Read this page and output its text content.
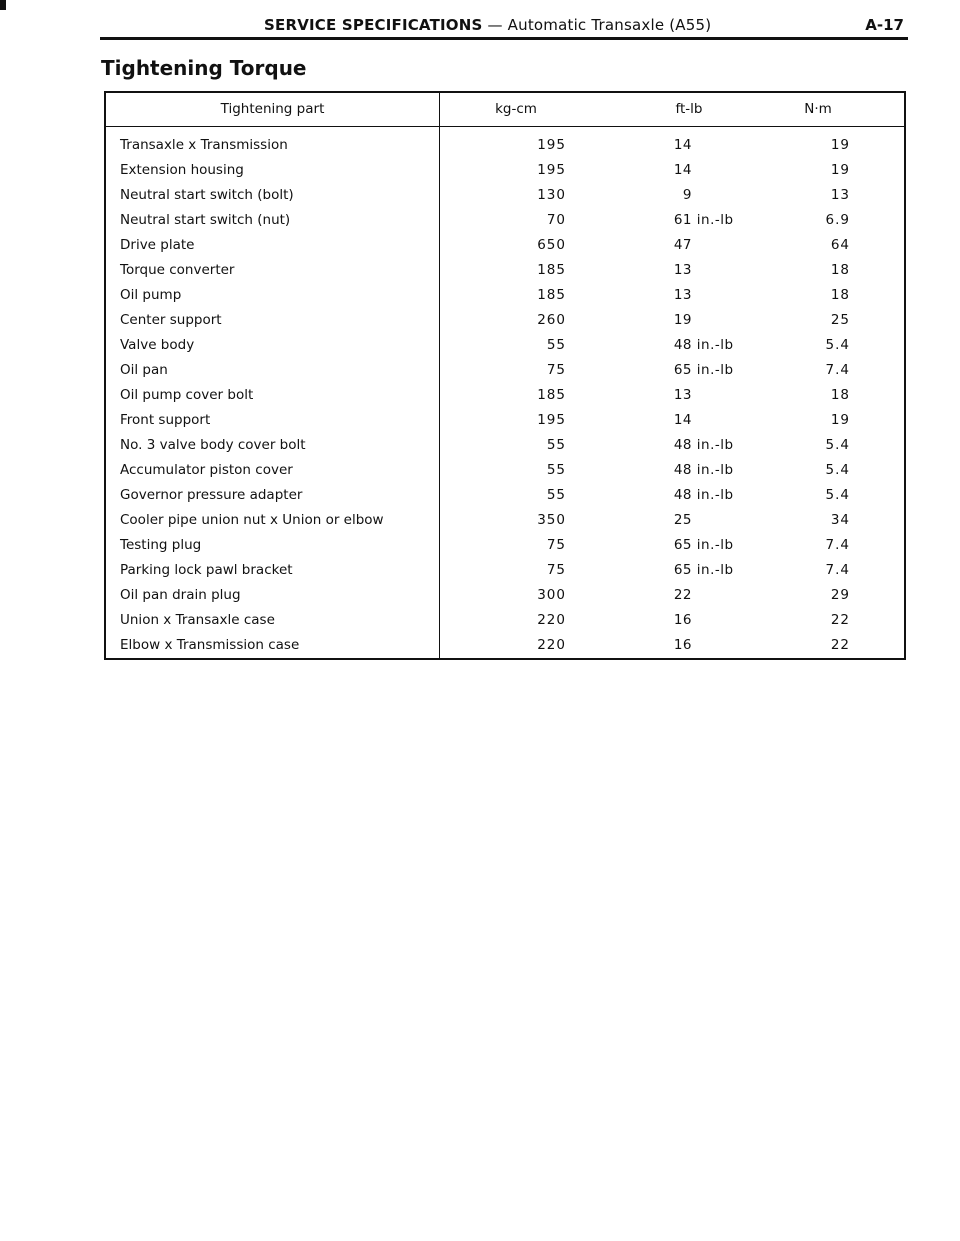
SERVICE SPECIFICATIONS — Automatic Transaxle (A55)	A-17
Tightening Torque
Tightening part	kg-cm	ft-lb	N·m
Transaxle x Transmission	195	14	19
Extension housing	195	14	19
Neutral start switch (bolt)	130	9	13
Neutral start switch (nut)	70	61 in.-lb	6.9
Drive plate	650	47	64
Torque converter	185	13	18
Oil pump	185	13	18
Center support	260	19	25
Valve body	55	48 in.-lb	5.4
Oil pan	75	65 in.-lb	7.4
Oil pump cover bolt	185	13	18
Front support	195	14	19
No. 3 valve body cover bolt	55	48 in.-lb	5.4
Accumulator piston cover	55	48 in.-lb	5.4
Governor pressure adapter	55	48 in.-lb	5.4
Cooler pipe union nut x Union or elbow	350	25	34
Testing plug	75	65 in.-lb	7.4
Parking lock pawl bracket	75	65 in.-lb	7.4
Oil pan drain plug	300	22	29
Union x Transaxle case	220	16	22
Elbow x Transmission case	220	16	22
